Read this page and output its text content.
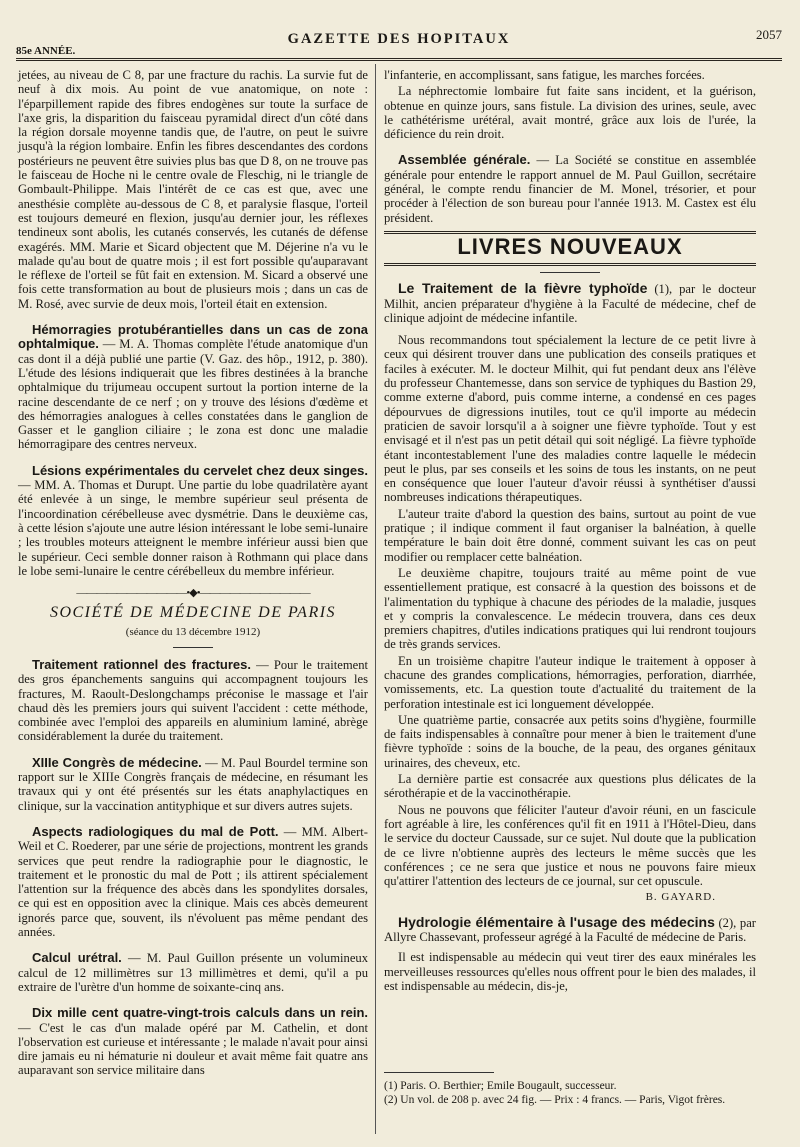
85e ANNÉE.
GAZETTE DES HOPITAUX	2057

jetées, au niveau de C 8, par une fracture du rachis. La survie fut de neuf à dix mois. Au point de vue anatomique, on note : l'éparpillement rapide des fibres endogènes sur toute la surface de l'axe gris, la disparition du faisceau pyramidal direct d'un côté dans la région dorsale moyenne tandis que, de l'autre, on peut le suivre jusqu'à la région lombaire. Enfin les fibres descendantes des cordons postérieurs ne peuvent être suivies plus bas que D 8, on ne trouve pas le faisceau de Hoche ni le centre ovale de Fleschig, ni le triangle de Gombault-Philippe. Mais l'intérêt de ce cas est que, avec une anesthésie complète au-dessous de C 8, et paralysie flasque, l'orteil est toujours demeuré en flexion, jusqu'au dernier jour, les réflexes tendineux sont abolis, les cutanés conservés, les cutanés de défense exagérés. MM. Marie et Sicard objectent que M. Déjerine n'a vu le malade qu'au bout de quatre mois ; il est fort possible qu'auparavant le réflexe de l'orteil se fût fait en extension. M. Sicard a observé une fois cette transformation au bout de plusieurs mois ; dans un cas de M. Rosé, avec survie de deux mois, l'orteil était en extension.

Hémorragies protubérantielles dans un cas de zona ophtalmique. — M. A. Thomas complète l'étude anatomique d'un cas dont il a déjà publié une partie (V. Gaz. des hôp., 1912, p. 380). L'étude des lésions indiquerait que les fibres destinées à la branche ophtalmique du trijumeau occupent surtout la portion interne de la racine descendante de ce nerf ; on y trouve des lésions d'œdème et des hémorragies analogues à celles constatées dans le ganglion de Gasser et le ganglion ciliaire ; le zona est donc une maladie hémorragipare des centres nerveux.

Lésions expérimentales du cervelet chez deux singes. — MM. A. Thomas et Durupt. Une partie du lobe quadrilatère ayant été enlevée à un singe, le membre supérieur seul présenta de l'incoordination cérébelleuse avec dysmétrie. Dans le deuxième cas, à cette lésion s'ajoute une autre lésion intéressant le lobe semi-lunaire ; les troubles moteurs atteignent le membre inférieur aussi bien que le supérieur. Ceci semble donner raison à Rothmann qui place dans le lobe semi-lunaire le centre cérébelleux du membre inférieur.

———————————•◆•———————————
SOCIÉTÉ DE MÉDECINE DE PARIS
(séance du 13 décembre 1912)

Traitement rationnel des fractures. — Pour le traitement des gros épanchements sanguins qui accompagnent toujours les fractures, M. Raoult-Deslongchamps préconise le massage et l'air chaud dès les premiers jours qui suivent l'accident : cette méthode, combinée avec l'emploi des appareils en aluminium laminé, abrège considérablement la durée du traitement.

XIIIe Congrès de médecine. — M. Paul Bourdel termine son rapport sur le XIIIe Congrès français de médecine, en résumant les travaux qui y ont été présentés sur les états anaphylactiques en clinique, sur la vaccination antityphique et sur divers autres sujets.

Aspects radiologiques du mal de Pott. — MM. Albert-Weil et C. Roederer, par une série de projections, montrent les grands services que peut rendre la radiographie pour le diagnostic, le traitement et le pronostic du mal de Pott ; ils attirent spécialement l'attention sur la fréquence des abcès dans les spondylites dorsales, ce qui est en opposition avec la clinique. Mais ces abcès demeurent ignorés parce que, souvent, ils n'évoluent pas même pendant des années.

Calcul urétral. — M. Paul Guillon présente un volumineux calcul de 12 millimètres sur 13 millimètres et demi, qu'il a pu extraire de l'urètre d'un homme de soixante-cinq ans.

Dix mille cent quatre-vingt-trois calculs dans un rein. — C'est le cas d'un malade opéré par M. Cathelin, et dont l'observation est curieuse et intéressante ; le malade n'avait pour ainsi dire jamais eu ni hématurie ni douleur et avait même fait quatre ans auparavant son service militaire dans

l'infanterie, en accomplissant, sans fatigue, les marches forcées.

La néphrectomie lombaire fut faite sans incident, et la guérison, obtenue en quinze jours, sans fistule. La division des urines, seule, avec le cathétérisme urétéral, avait montré, grâce aux lois de l'urée, la déficience du rein droit.

Assemblée générale. — La Société se constitue en assemblée générale pour entendre le rapport annuel de M. Paul Guillon, secrétaire général, le compte rendu financier de M. Monel, trésorier, et pour procéder à l'élection de son bureau pour l'année 1913. M. Castex est élu président.

LIVRES NOUVEAUX

Le Traitement de la fièvre typhoïde (1), par le docteur Milhit, ancien préparateur d'hygiène à la Faculté de médecine, chef de clinique adjoint de médecine infantile.

Nous recommandons tout spécialement la lecture de ce petit livre à ceux qui désirent trouver dans une publication des conseils pratiques et faciles à exécuter. M. le docteur Milhit, qui fut pendant deux ans l'élève du professeur Chantemesse, dans son service de typhiques du Bastion 29, comme externe d'abord, puis comme interne, a condensé en ces pages dépourvues de digressions inutiles, tout ce qu'il importe au médecin praticien de savoir lorsqu'il a à soigner une fièvre typhoïde. Tout y est envisagé et il n'est pas un petit détail qui soit négligé. La fièvre typhoïde étant incontestablement l'une des maladies contre laquelle le médecin peut le plus, par ses conseils et les soins de tous les instants, on ne peut en conséquence que louer l'auteur d'avoir réussi à synthétiser d'aussi nombreuses indications thérapeutiques.

L'auteur traite d'abord la question des bains, surtout au point de vue pratique ; il indique comment il faut organiser la balnéation, à quelle température le bain doit être donné, comment suivant les cas on peut modifier ou remplacer cette balnéation.

Le deuxième chapitre, toujours traité au même point de vue essentiellement pratique, est consacré à la question des boissons et de l'alimentation du typhique à chacune des périodes de la maladie, jusques et y compris la convalescence. Le médecin trouvera, dans ces deux premiers chapitres, d'utiles indications pratiques qui lui rendront toujours de très grands services.

En un troisième chapitre l'auteur indique le traitement à opposer à chacune des grandes complications, hémorragies, perforation, diarrhée, vomissements, etc. La question toute d'actualité du traitement de la perforation intestinale est ici longuement développée.

Une quatrième partie, consacrée aux petits soins d'hygiène, fourmille de faits indispensables à connaître pour mener à bien le traitement d'une fièvre typhoïde : soins de la bouche, de la peau, des organes génitaux urinaires, des cheveux, etc.

La dernière partie est consacrée aux questions plus délicates de la sérothérapie et de la vaccinothérapie.

Nous ne pouvons que féliciter l'auteur d'avoir réuni, en un fascicule fort agréable à lire, les conférences qu'il fit en 1911 à l'Hôtel-Dieu, dans le service du docteur Caussade, sur ce sujet. Nul doute que la publication de ce livre n'obtienne auprès des lecteurs le même succès que les conférences ; ce ne sera que justice et nous ne pouvons faire mieux qu'attirer l'attention des lecteurs de ce journal, sur cet opuscule.

B. GAYARD.

Hydrologie élémentaire à l'usage des médecins (2), par Allyre Chassevant, professeur agrégé à la Faculté de médecine de Paris.

Il est indispensable au médecin qui veut tirer des eaux minérales les merveilleuses ressources qu'elles nous offrent pour le bien des malades, il est indispensable au médecin, dis-je,

(1) Paris. O. Berthier; Emile Bougault, successeur.
(2) Un vol. de 208 p. avec 24 fig. — Prix : 4 francs. — Paris, Vigot frères.
